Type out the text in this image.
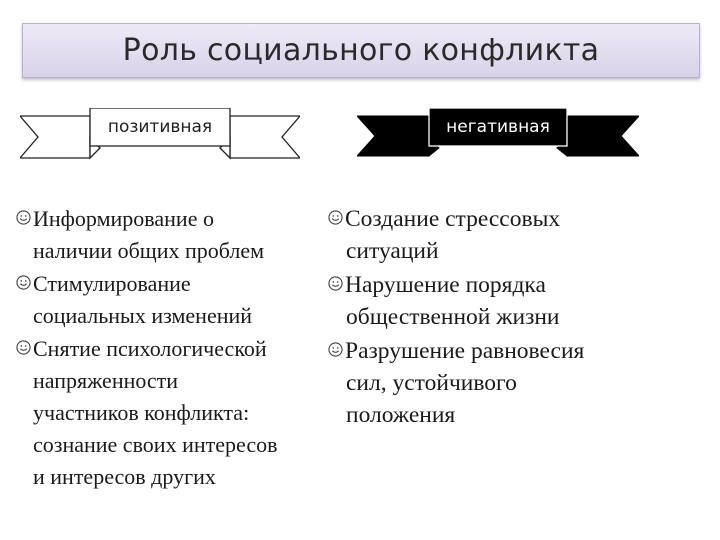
Роль социального конфликта
позитивная	негативная
Информирование о
наличии общих проблем
Стимулирование
социальных изменений
Снятие психологической
напряженности
участников конфликта:
сознание своих интересов
и интересов других
Создание стрессовых
ситуаций
Нарушение порядка
общественной жизни
Разрушение равновесия
сил, устойчивого
положения
